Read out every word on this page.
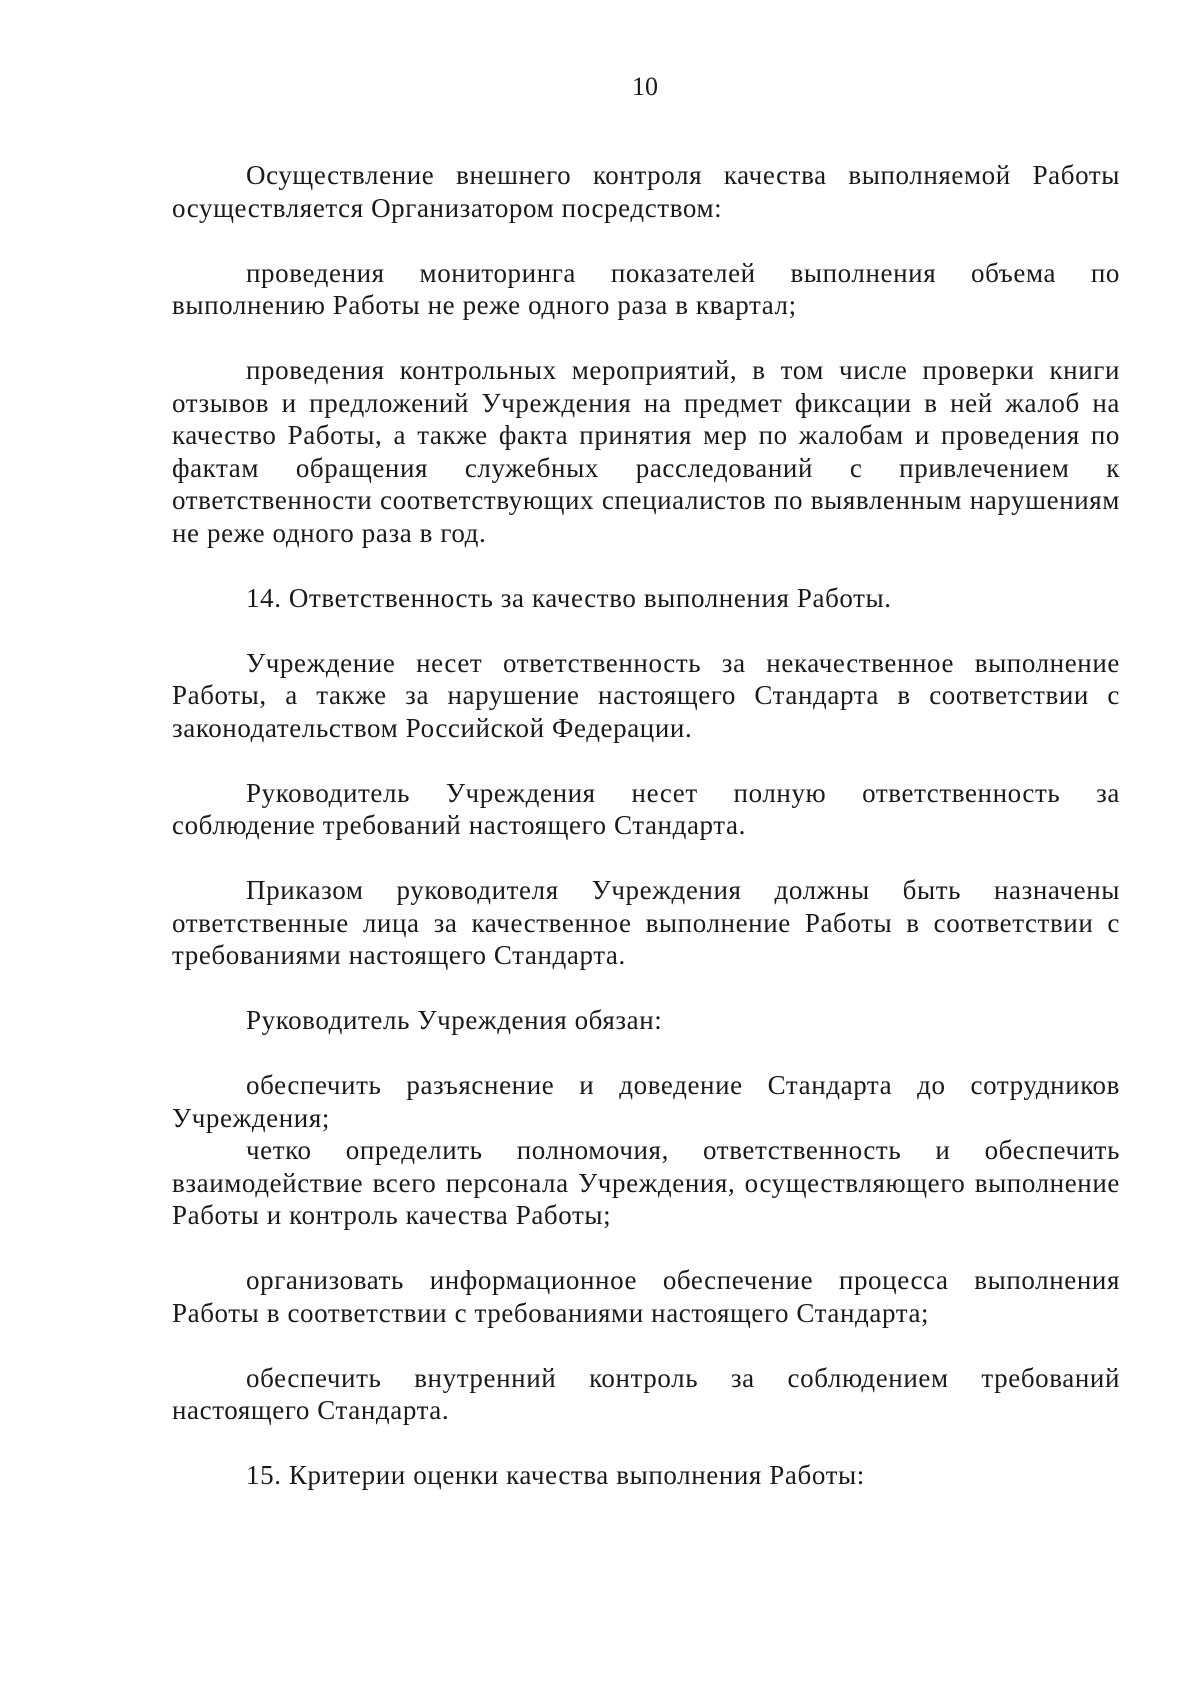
10

Осуществление внешнего контроля качества выполняемой Работы осуществляется Организатором посредством:

проведения мониторинга показателей выполнения объема по выполнению Работы не реже одного раза в квартал;

проведения контрольных мероприятий, в том числе проверки книги отзывов и предложений Учреждения на предмет фиксации в ней жалоб на качество Работы, а также факта принятия мер по жалобам и проведения по фактам обращения служебных расследований с привлечением к ответственности соответствующих специалистов по выявленным нарушениям не реже одного раза в год.

14. Ответственность за качество выполнения Работы.

Учреждение несет ответственность за некачественное выполнение Работы, а также за нарушение настоящего Стандарта в соответствии с законодательством Российской Федерации.

Руководитель Учреждения несет полную ответственность за соблюдение требований настоящего Стандарта.

Приказом руководителя Учреждения должны быть назначены ответственные лица за качественное выполнение Работы в соответствии с требованиями настоящего Стандарта.

Руководитель Учреждения обязан:

обеспечить разъяснение и доведение Стандарта до сотрудников Учреждения;

четко определить полномочия, ответственность и обеспечить взаимодействие всего персонала Учреждения, осуществляющего выполнение Работы и контроль качества Работы;

организовать информационное обеспечение процесса выполнения Работы в соответствии с требованиями настоящего Стандарта;

обеспечить внутренний контроль за соблюдением требований настоящего Стандарта.

15. Критерии оценки качества выполнения Работы:
